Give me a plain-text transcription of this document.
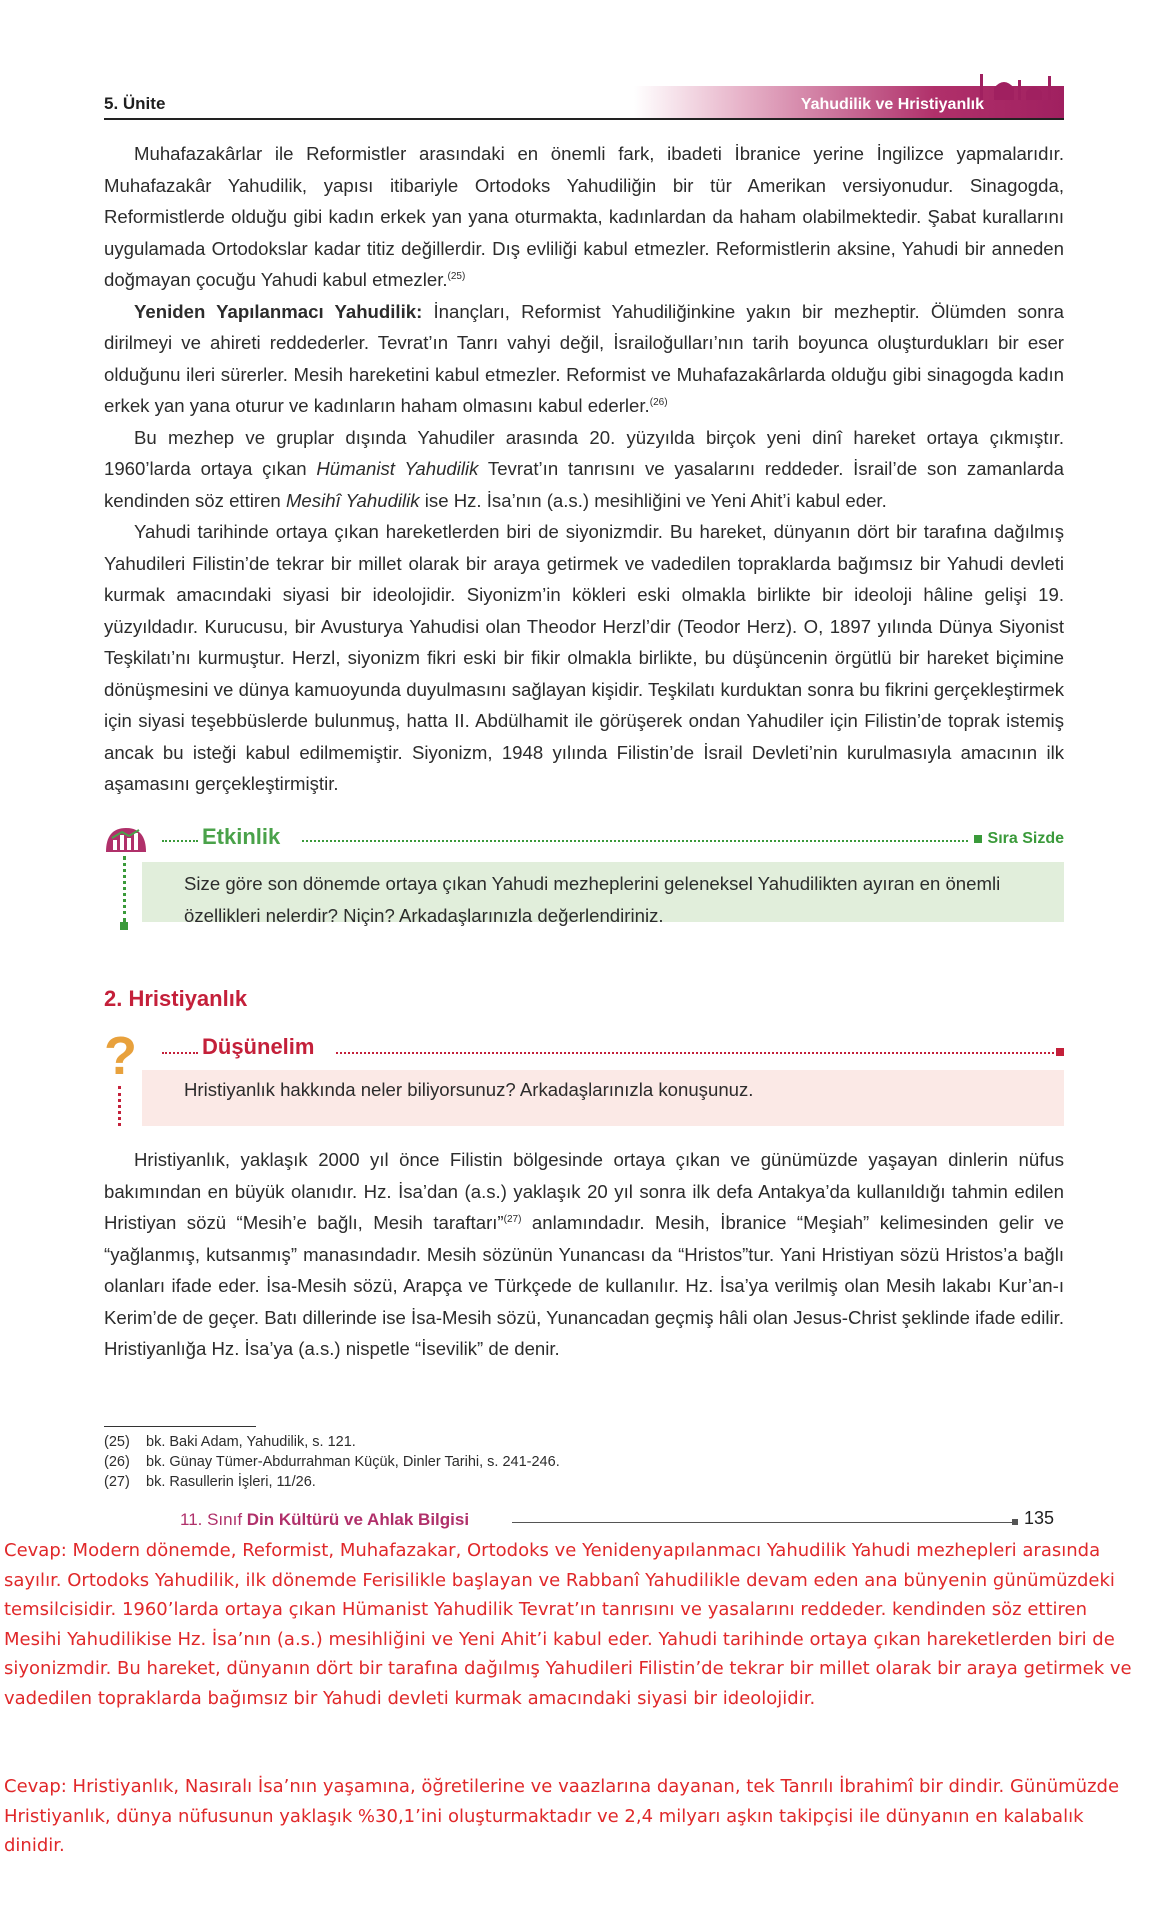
Yahudilik ve Hristiyanlık
5. Ünite

Muhafazakârlar ile Reformistler arasındaki en önemli fark, ibadeti İbranice yerine İngilizce yapmalarıdır. Muhafazakâr Yahudilik, yapısı itibariyle Ortodoks Yahudiliğin bir tür Amerikan versiyonudur. Sinagogda, Reformistlerde olduğu gibi kadın erkek yan yana oturmakta, kadınlardan da haham olabilmektedir. Şabat kurallarını uygulamada Ortodokslar kadar titiz değillerdir. Dış evliliği kabul etmezler. Reformistlerin aksine, Yahudi bir anneden doğmayan çocuğu Yahudi kabul etmezler.$^{(25)}$

Yeniden Yapılanmacı Yahudilik: İnançları, Reformist Yahudiliğinkine yakın bir mezheptir. Ölümden sonra dirilmeyi ve ahireti reddederler. Tevrat’ın Tanrı vahyi değil, İsrailoğulları’nın tarih boyunca oluşturdukları bir eser olduğunu ileri sürerler. Mesih hareketini kabul etmezler. Reformist ve Muhafazakârlarda olduğu gibi sinagogda kadın erkek yan yana oturur ve kadınların haham olmasını kabul ederler.$^{(26)}$

Bu mezhep ve gruplar dışında Yahudiler arasında 20. yüzyılda birçok yeni dinî hareket ortaya çıkmıştır. 1960’larda ortaya çıkan Hümanist Yahudilik Tevrat’ın tanrısını ve yasalarını reddeder. İsrail’de son zamanlarda kendinden söz ettiren Mesihî Yahudilik ise Hz. İsa’nın (a.s.) mesihliğini ve Yeni Ahit’i kabul eder.

Yahudi tarihinde ortaya çıkan hareketlerden biri de siyonizmdir. Bu hareket, dünyanın dört bir tarafına dağılmış Yahudileri Filistin’de tekrar bir millet olarak bir araya getirmek ve vadedilen topraklarda bağımsız bir Yahudi devleti kurmak amacındaki siyasi bir ideolojidir. Siyonizm’in kökleri eski olmakla birlikte bir ideoloji hâline gelişi 19. yüzyıldadır. Kurucusu, bir Avusturya Yahudisi olan Theodor Herzl’dir (Teodor Herz). O, 1897 yılında Dünya Siyonist Teşkilatı’nı kurmuştur. Herzl, siyonizm fikri eski bir fikir olmakla birlikte, bu düşüncenin örgütlü bir hareket biçimine dönüşmesini ve dünya kamuoyunda duyulmasını sağlayan kişidir. Teşkilatı kurduktan sonra bu fikrini gerçekleştirmek için siyasi teşebbüslerde bulunmuş, hatta II. Abdülhamit ile görüşerek ondan Yahudiler için Filistin’de toprak istemiş ancak bu isteği kabul edilmemiştir. Siyonizm, 1948 yılında Filistin’de İsrail Devleti’nin kurulmasıyla amacının ilk aşamasını gerçekleştirmiştir.

Etkinlik	Sıra Sizde
Size göre son dönemde ortaya çıkan Yahudi mezheplerini geleneksel Yahudilikten ayıran en önemli özellikleri nelerdir? Niçin? Arkadaşlarınızla değerlendiriniz.
2. Hristiyanlık
?	Düşünelim
Hristiyanlık hakkında neler biliyorsunuz? Arkadaşlarınızla konuşunuz.

Hristiyanlık, yaklaşık 2000 yıl önce Filistin bölgesinde ortaya çıkan ve günümüzde yaşayan dinlerin nüfus bakımından en büyük olanıdır. Hz. İsa’dan (a.s.) yaklaşık 20 yıl sonra ilk defa Antakya’da kullanıldığı tahmin edilen Hristiyan sözü “Mesih’e bağlı, Mesih taraftarı”$^{(27)}$ anlamındadır. Mesih, İbranice “Meşiah” kelimesinden gelir ve “yağlanmış, kutsanmış” manasındadır. Mesih sözünün Yunancası da “Hristos”tur. Yani Hristiyan sözü Hristos’a bağlı olanları ifade eder. İsa-Mesih sözü, Arapça ve Türkçede de kullanılır. Hz. İsa’ya verilmiş olan Mesih lakabı Kur’an-ı Kerim’de de geçer. Batı dillerinde ise İsa-Mesih sözü, Yunancadan geçmiş hâli olan Jesus-Christ şeklinde ifade edilir. Hristiyanlığa Hz. İsa’ya (a.s.) nispetle “İsevilik” de denir.

(25) bk. Baki Adam, Yahudilik, s. 121.
(26) bk. Günay Tümer-Abdurrahman Küçük, Dinler Tarihi, s. 241-246.
(27) bk. Rasullerin İşleri, 11/26.
11. Sınıf Din Kültürü ve Ahlak Bilgisi	135
Cevap: Modern dönemde, Reformist, Muhafazakar, Ortodoks ve Yenidenyapılanmacı Yahudilik Yahudi mezhepleri arasında sayılır. Ortodoks Yahudilik, ilk dönemde Ferisilikle başlayan ve Rabbanî Yahudilikle devam eden ana bünyenin günümüzdeki temsilcisidir. 1960’larda ortaya çıkan Hümanist Yahudilik Tevrat’ın tanrısını ve yasalarını reddeder. kendinden söz ettiren Mesihi Yahudilikise Hz. İsa’nın (a.s.) mesihliğini ve Yeni Ahit’i kabul eder. Yahudi tarihinde ortaya çıkan hareketlerden biri de siyonizmdir. Bu hareket, dünyanın dört bir tarafına dağılmış Yahudileri Filistin’de tekrar bir millet olarak bir araya getirmek ve vadedilen topraklarda bağımsız bir Yahudi devleti kurmak amacındaki siyasi bir ideolojidir.
Cevap: Hristiyanlık, Nasıralı İsa’nın yaşamına, öğretilerine ve vaazlarına dayanan, tek Tanrılı İbrahimî bir dindir. Günümüzde Hristiyanlık, dünya nüfusunun yaklaşık %30,1’ini oluşturmaktadır ve 2,4 milyarı aşkın takipçisi ile dünyanın en kalabalık dinidir.
